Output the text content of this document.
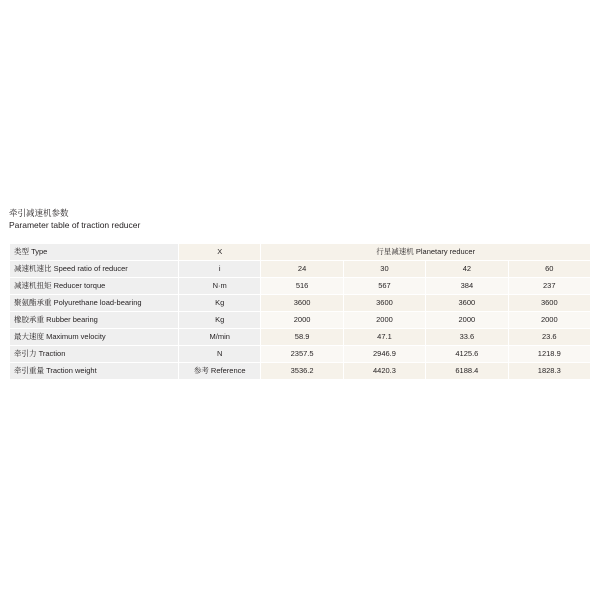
牵引减速机参数
Parameter table of traction reducer
类型 Type	X	行星减速机 Planetary reducer			
减速机速比 Speed ratio of reducer	i	24	30	42	60
减速机扭矩 Reducer torque	N·m	516	567	384	237
聚氨酯承重 Polyurethane load-bearing	Kg	3600	3600	3600	3600
橡胶承重 Rubber bearing	Kg	2000	2000	2000	2000
最大速度 Maximum velocity	M/min	58.9	47.1	33.6	23.6
牵引力 Traction	N	2357.5	2946.9	4125.6	1218.9
牵引重量 Traction weight	参考 Reference	3536.2	4420.3	6188.4	1828.3
